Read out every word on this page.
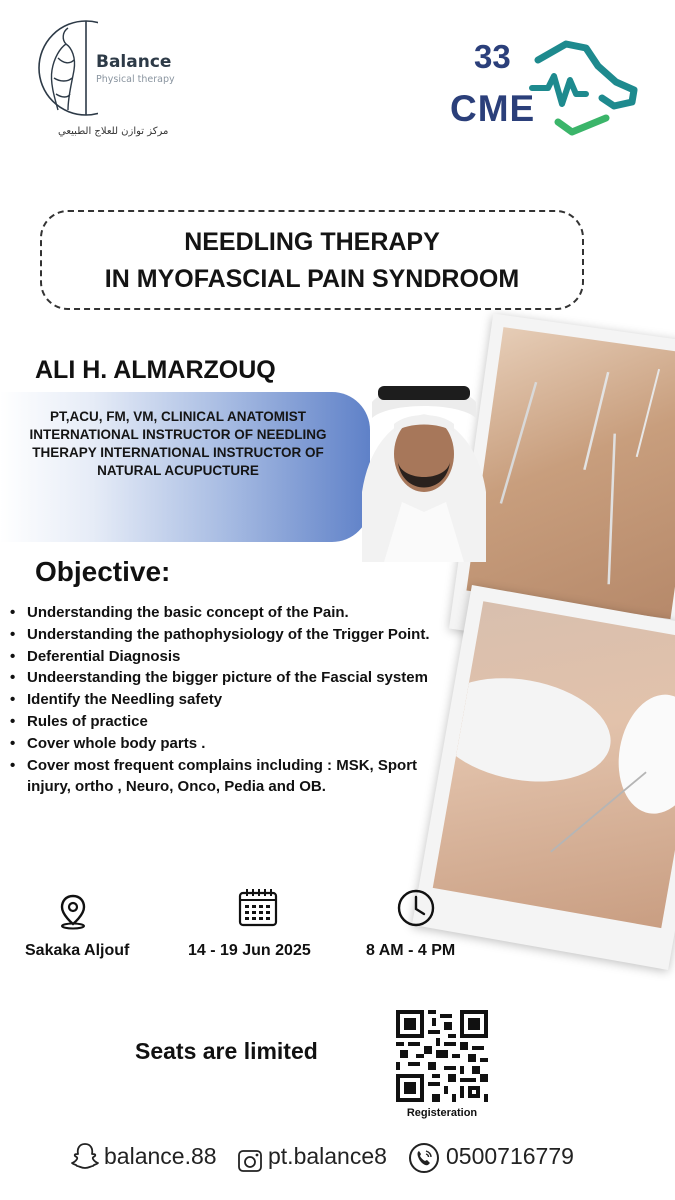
Balance
Physical therapy
مركز توازن للعلاج الطبيعي
33
CME
NEEDLING THERAPY
IN MYOFASCIAL PAIN SYNDROOM
ALI H. ALMARZOUQ
PT,ACU, FM, VM, CLINICAL ANATOMIST
INTERNATIONAL INSTRUCTOR OF NEEDLING
THERAPY INTERNATIONAL INSTRUCTOR OF
NATURAL ACUPUCTURE
Objective:
• Understanding the basic concept of the Pain.
• Understanding the pathophysiology of the Trigger Point.
• Deferential Diagnosis
• Undeerstanding the bigger picture of the Fascial system
• Identify the Needling safety
• Rules of practice
• Cover whole body parts .
• Cover most frequent complains including : MSK, Sport
injury, ortho , Neuro, Onco, Pedia and OB.
Sakaka Aljouf	14 - 19 Jun 2025	8 AM - 4 PM
Seats are limited
Registeration
balance.88 pt.balance8	0500716779
